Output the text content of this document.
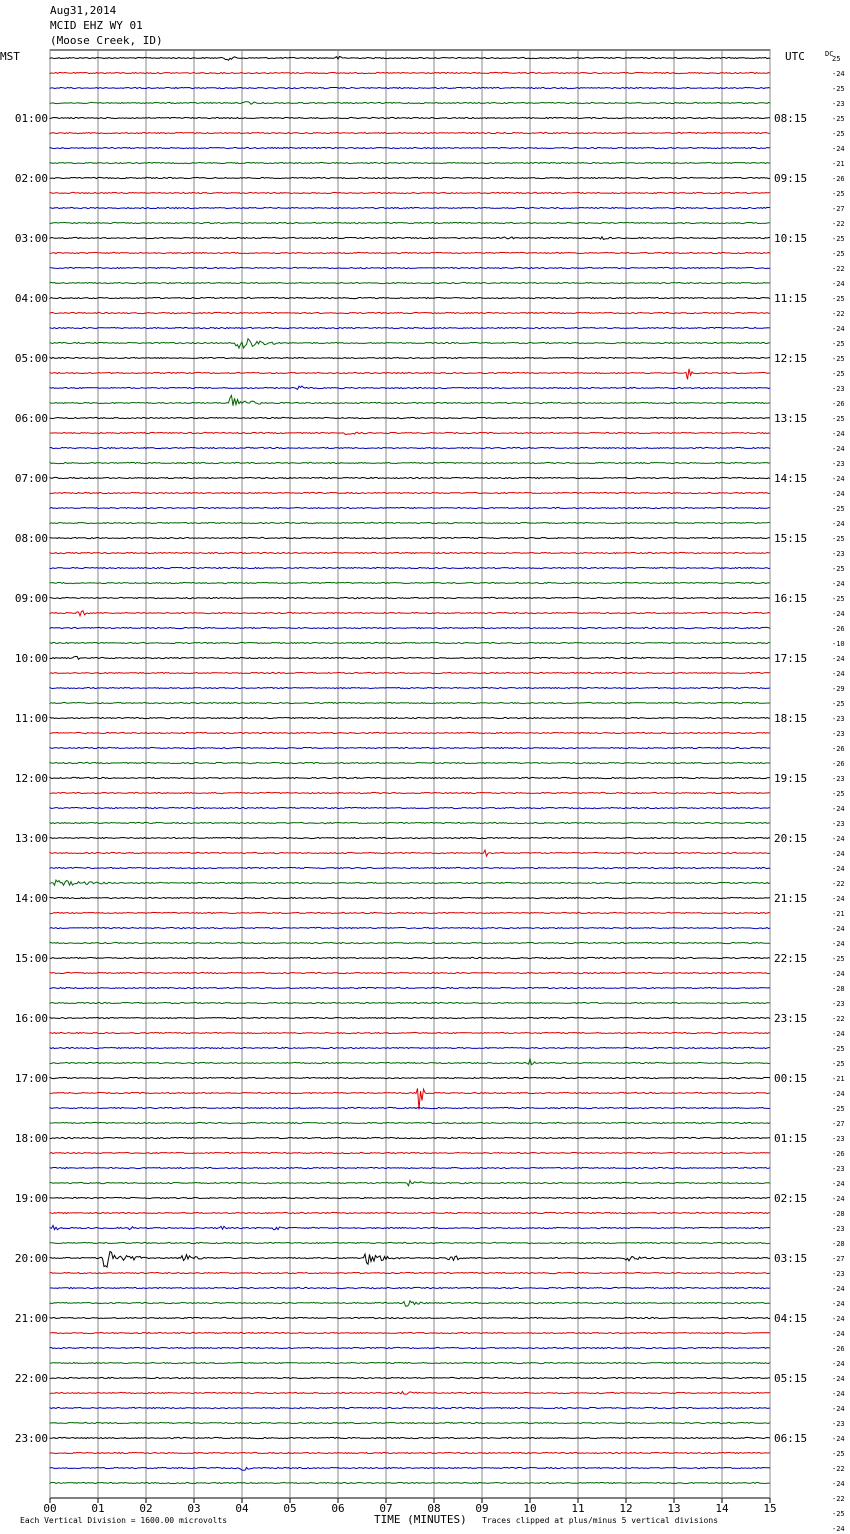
Aug31,2014
MCID EHZ WY 01
(Moose Creek, ID)
MST	UTC	DC
00	01	02	03	04	05	06	07	08	09	10	11	12	13	14	15
01:00
02:00
03:00
04:00
05:00
06:00
07:00
08:00
09:00
10:00
11:00
12:00
13:00
14:00
15:00
16:00
17:00
18:00
19:00
20:00
21:00
22:00
23:00
08:15
09:15
10:15
11:15
12:15
13:15
14:15
15:15
16:15
17:15
18:15
19:15
20:15
21:15
22:15
23:15
00:15
01:15
02:15
03:15
04:15
05:15
06:15
25
-24
-25
-23
-25
-25
-24
-21
-26
-25
-27
-22
-25
-25
-22
-24
-25
-22
-24
-25
-25
-25
-23
-26
-25
-24
-24
-23
-24
-24
-25
-24
-25
-23
-25
-24
-25
-24
-26
-10
-24
-24
-29
-25
-23
-23
-26
-26
-23
-25
-24
-23
-24
-24
-24
-22
-24
-21
-24
-24
-25
-24
-28
-23
-22
-24
-25
-25
-21
-24
-25
-27
-23
-26
-23
-24
-24
-28
-23
-28
-27
-23
-24
-24
-24
-24
-26
-24
-24
-24
-24
-23
-24
-25
-22
-24
-22
-25
-24
Each Vertical Division = 1600.00 microvolts	TIME (MINUTES) Traces clipped at plus/minus 5 vertical divisions
